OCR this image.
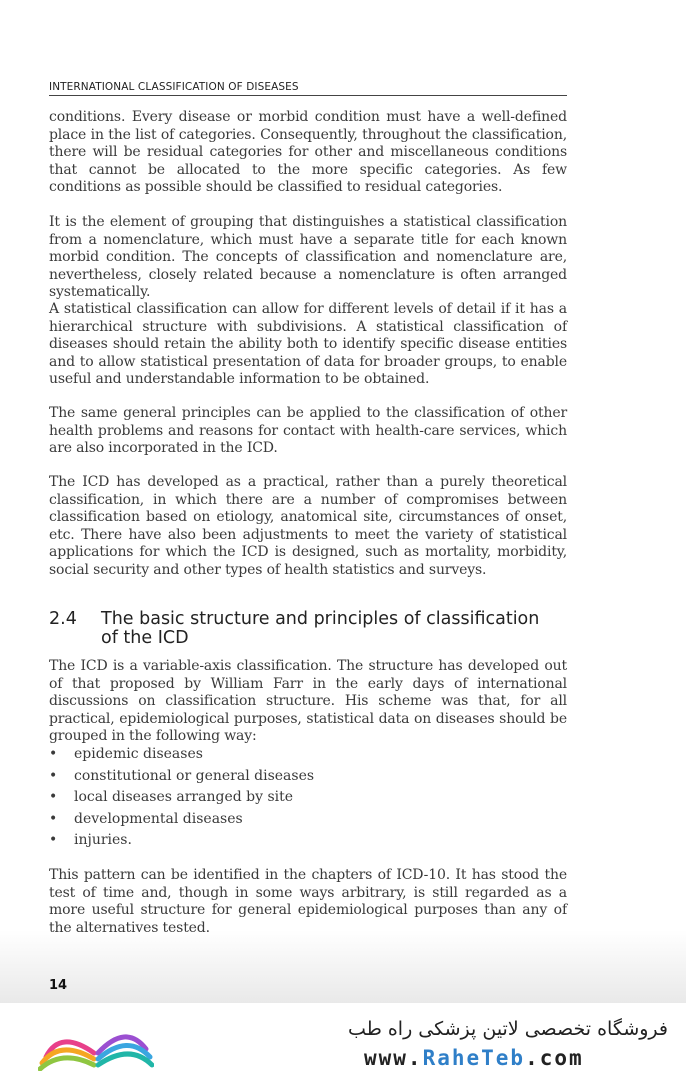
INTERNATIONAL CLASSIFICATION OF DISEASES

conditions. Every disease or morbid condition must have a well-defined place in the list of categories. Consequently, throughout the classification, there will be residual categories for other and miscellaneous conditions that cannot be allocated to the more specific categories. As few conditions as possible should be classified to residual categories.

It is the element of grouping that distinguishes a statistical classification from a nomenclature, which must have a separate title for each known morbid condition. The concepts of classification and nomenclature are, nevertheless, closely related because a nomenclature is often arranged systematically.

A statistical classification can allow for different levels of detail if it has a hierarchical structure with subdivisions. A statistical classification of diseases should retain the ability both to identify specific disease entities and to allow statistical presentation of data for broader groups, to enable useful and understandable information to be obtained.

The same general principles can be applied to the classification of other health problems and reasons for contact with health-care services, which are also incorporated in the ICD.

The ICD has developed as a practical, rather than a purely theoretical classification, in which there are a number of compromises between classification based on etiology, anatomical site, circumstances of onset, etc. There have also been adjustments to meet the variety of statistical applications for which the ICD is designed, such as mortality, morbidity, social security and other types of health statistics and surveys.

2.4 The basic structure and principles of classification of the ICD

The ICD is a variable-axis classification. The structure has developed out of that proposed by William Farr in the early days of international discussions on classification structure. His scheme was that, for all practical, epidemiological purposes, statistical data on diseases should be grouped in the following way:

• epidemic diseases
• constitutional or general diseases
• local diseases arranged by site
• developmental diseases
• injuries.

This pattern can be identified in the chapters of ICD-10. It has stood the test of time and, though in some ways arbitrary, is still regarded as a more useful structure for general epidemiological purposes than any of the alternatives tested.

14
فروشگاه تخصصی لاتین پزشکی راه طب
www.RaheTeb.com
